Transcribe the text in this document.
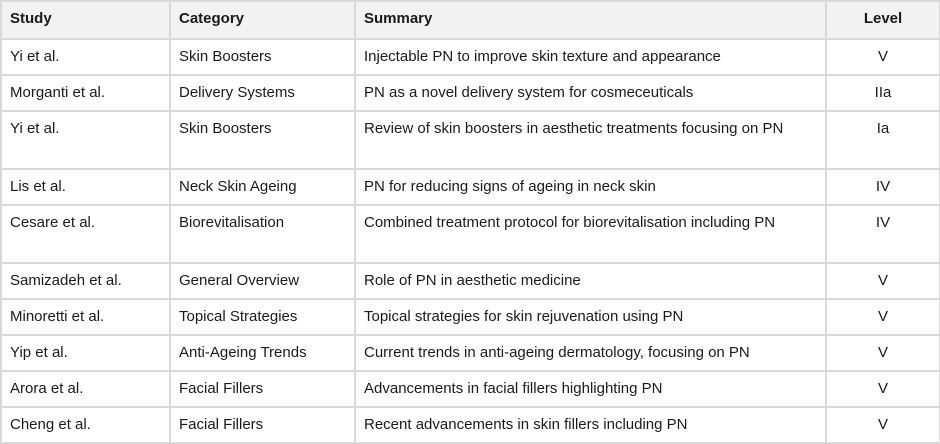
Study	Category	Summary	Level
Yi et al.	Skin Boosters	Injectable PN to improve skin texture and appearance	V
Morganti et al.	Delivery Systems	PN as a novel delivery system for cosmeceuticals	IIa
Yi et al.	Skin Boosters	Review of skin boosters in aesthetic treatments focusing on PN	Ia
Lis et al.	Neck Skin Ageing	PN for reducing signs of ageing in neck skin	IV
Cesare et al.	Biorevitalisation	Combined treatment protocol for biorevitalisation including PN	IV
Samizadeh et al.	General Overview	Role of PN in aesthetic medicine	V
Minoretti et al.	Topical Strategies	Topical strategies for skin rejuvenation using PN	V
Yip et al.	Anti-Ageing Trends	Current trends in anti-ageing dermatology, focusing on PN	V
Arora et al.	Facial Fillers	Advancements in facial fillers highlighting PN	V
Cheng et al.	Facial Fillers	Recent advancements in skin fillers including PN	V
